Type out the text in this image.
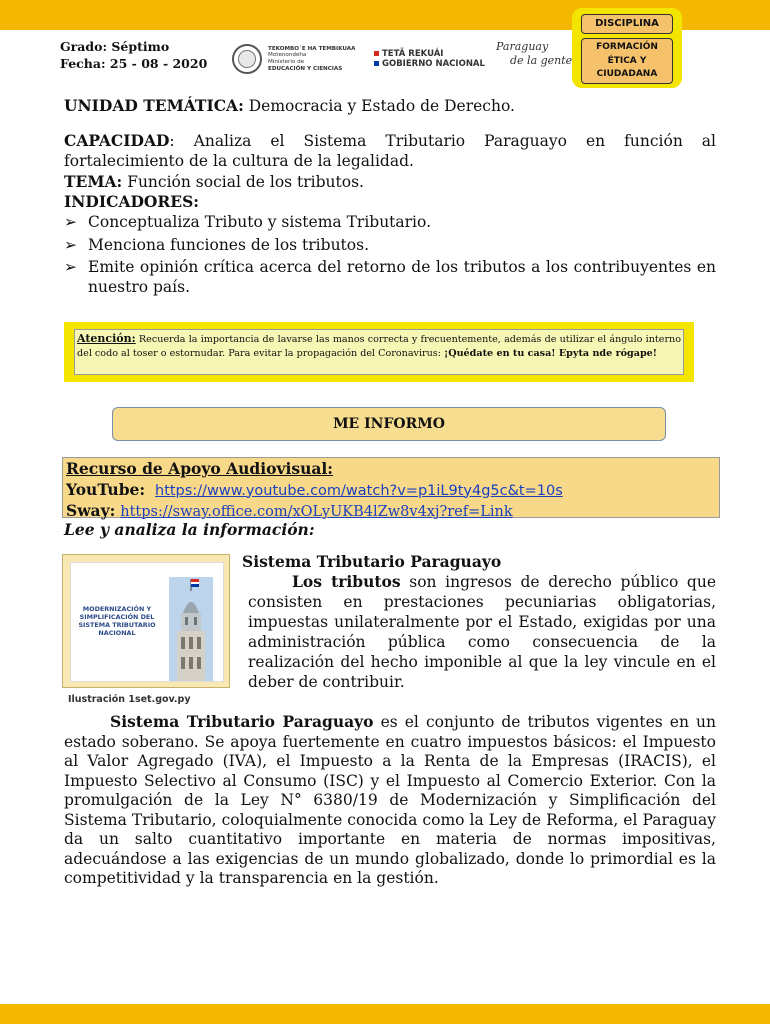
Grado: Séptimo
Fecha: 25 - 08 - 2020
TEKOMBO´E HA TEMBIKUAA
Motenondeha
Ministerio de
EDUCACIÓN Y CIENCIAS
TETÃ REKUÁI
GOBIERNO NACIONAL
Paraguay
de la gente
DISCIPLINA
FORMACIÓN
ÉTICA Y
CIUDADANA
UNIDAD TEMÁTICA: Democracia y Estado de Derecho.
CAPACIDAD: Analiza el Sistema Tributario Paraguayo en función al fortalecimiento de la cultura de la legalidad.
TEMA: Función social de los tributos.
INDICADORES:
➢ Conceptualiza Tributo y sistema Tributario.
➢ Menciona funciones de los tributos.
➢ Emite opinión crítica acerca del retorno de los tributos a los contribuyentes en nuestro país.
Atención: Recuerda la importancia de lavarse las manos correcta y frecuentemente, además de utilizar el ángulo interno del codo al toser o estornudar. Para evitar la propagación del Coronavirus: ¡Quédate en tu casa! Epyta nde rógape!
ME INFORMO
Recurso de Apoyo Audiovisual:
YouTube: https://www.youtube.com/watch?v=p1iL9ty4g5c&t=10s
Sway: https://sway.office.com/xOLyUKB4lZw8v4xj?ref=Link
Lee y analiza la información:
MODERNIZACIÓN Y SIMPLIFICACIÓN DEL SISTEMA TRIBUTARIO NACIONAL
Ilustración 1set.gov.py
Sistema Tributario Paraguayo
Los tributos son ingresos de derecho público que consisten en prestaciones pecuniarias obligatorias, impuestas unilateralmente por el Estado, exigidas por una administración pública como consecuencia de la realización del hecho imponible al que la ley vincule en el deber de contribuir.
Sistema Tributario Paraguayo es el conjunto de tributos vigentes en un estado soberano. Se apoya fuertemente en cuatro impuestos básicos: el Impuesto al Valor Agregado (IVA), el Impuesto a la Renta de la Empresas (IRACIS), el Impuesto Selectivo al Consumo (ISC) y el Impuesto al Comercio Exterior. Con la promulgación de la Ley N° 6380/19 de Modernización y Simplificación del Sistema Tributario, coloquialmente conocida como la Ley de Reforma, el Paraguay da un salto cuantitativo importante en materia de normas impositivas, adecuándose a las exigencias de un mundo globalizado, donde lo primordial es la competitividad y la transparencia en la gestión.
